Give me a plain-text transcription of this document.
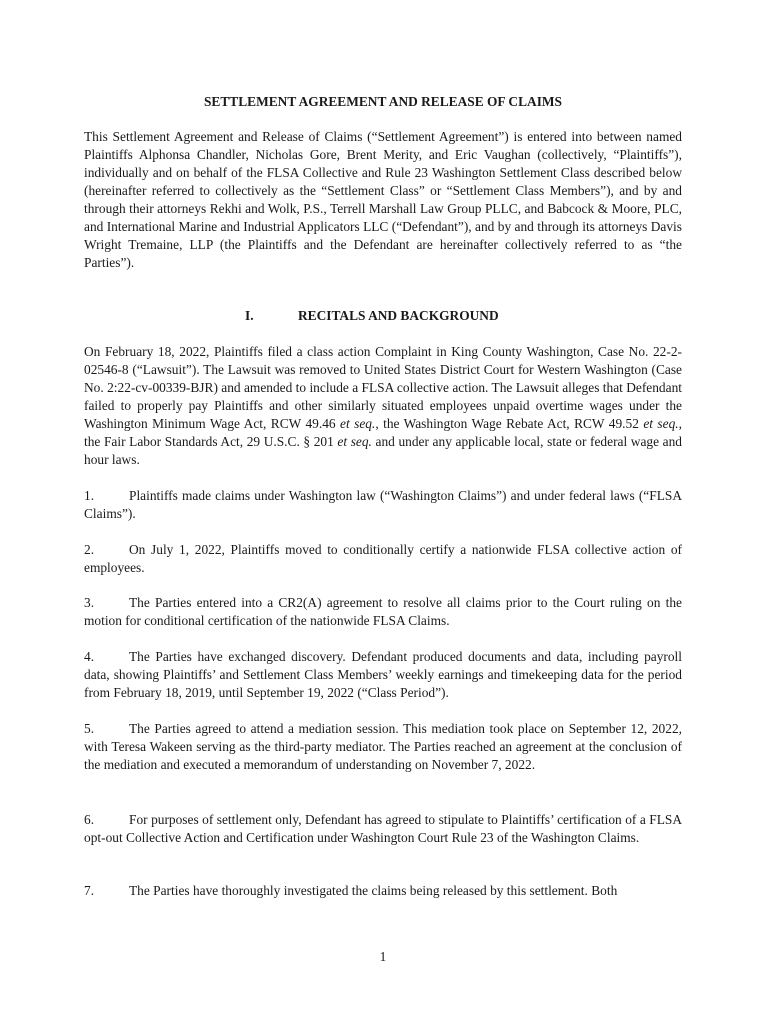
SETTLEMENT AGREEMENT AND RELEASE OF CLAIMS
This Settlement Agreement and Release of Claims (“Settlement Agreement”) is entered into between named Plaintiffs Alphonsa Chandler, Nicholas Gore, Brent Merity, and Eric Vaughan (collectively, “Plaintiffs”), individually and on behalf of the FLSA Collective and Rule 23 Washington Settlement Class described below (hereinafter referred to collectively as the “Settlement Class” or “Settlement Class Members”), and by and through their attorneys Rekhi and Wolk, P.S., Terrell Marshall Law Group PLLC, and Babcock & Moore, PLC, and International Marine and Industrial Applicators LLC (“Defendant”), and by and through its attorneys Davis Wright Tremaine, LLP (the Plaintiffs and the Defendant are hereinafter collectively referred to as “the Parties”).
I.	RECITALS AND BACKGROUND
On February 18, 2022, Plaintiffs filed a class action Complaint in King County Washington, Case No. 22-2-02546-8 (“Lawsuit”). The Lawsuit was removed to United States District Court for Western Washington (Case No. 2:22-cv-00339-BJR) and amended to include a FLSA collective action. The Lawsuit alleges that Defendant failed to properly pay Plaintiffs and other similarly situated employees unpaid overtime wages under the Washington Minimum Wage Act, RCW 49.46 et seq., the Washington Wage Rebate Act, RCW 49.52 et seq., the Fair Labor Standards Act, 29 U.S.C. § 201 et seq. and under any applicable local, state or federal wage and hour laws.
1.	Plaintiffs made claims under Washington law (“Washington Claims”) and under federal laws (“FLSA Claims”).
2.	On July 1, 2022, Plaintiffs moved to conditionally certify a nationwide FLSA collective action of employees.
3.	The Parties entered into a CR2(A) agreement to resolve all claims prior to the Court ruling on the motion for conditional certification of the nationwide FLSA Claims.
4.	The Parties have exchanged discovery. Defendant produced documents and data, including payroll data, showing Plaintiffs’ and Settlement Class Members’ weekly earnings and timekeeping data for the period from February 18, 2019, until September 19, 2022 (“Class Period”).
5.	The Parties agreed to attend a mediation session. This mediation took place on September 12, 2022, with Teresa Wakeen serving as the third-party mediator. The Parties reached an agreement at the conclusion of the mediation and executed a memorandum of understanding on November 7, 2022.
6.	For purposes of settlement only, Defendant has agreed to stipulate to Plaintiffs’ certification of a FLSA opt-out Collective Action and Certification under Washington Court Rule 23 of the Washington Claims.
7.	The Parties have thoroughly investigated the claims being released by this settlement. Both
1
